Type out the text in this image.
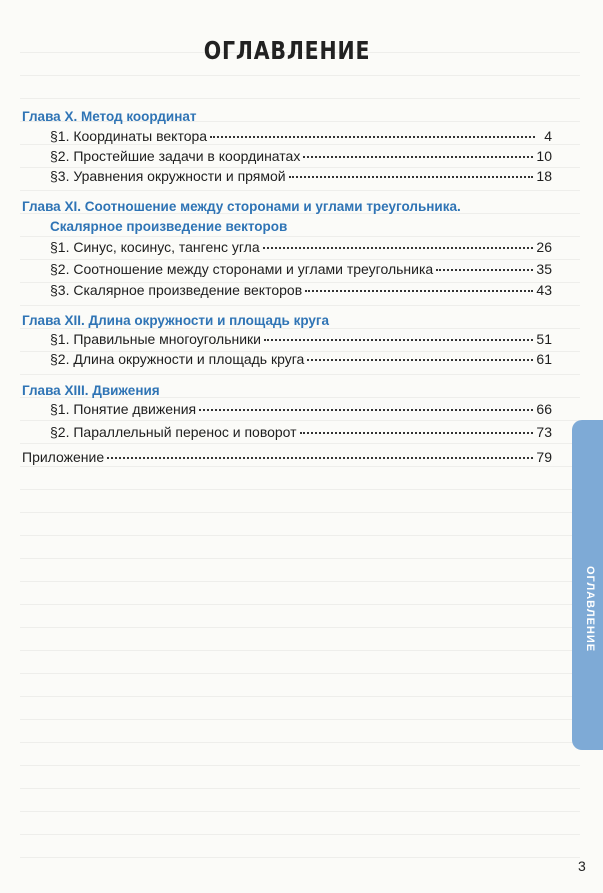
ОГЛАВЛЕНИЕ
Глава X. Метод координат
§1. Координаты вектора	4
§2. Простейшие задачи в координатах	10
§3. Уравнения окружности и прямой	18
Глава XI. Соотношение между сторонами и углами треугольника.
Скалярное произведение векторов
§1. Синус, косинус, тангенс угла	26
§2. Соотношение между сторонами и углами треугольника	35
§3. Скалярное произведение векторов	43
Глава XII. Длина окружности и площадь круга
§1. Правильные многоугольники	51
§2. Длина окружности и площадь круга	61
Глава XIII. Движения
§1. Понятие движения	66
§2. Параллельный перенос и поворот	73
Приложение	79
3
